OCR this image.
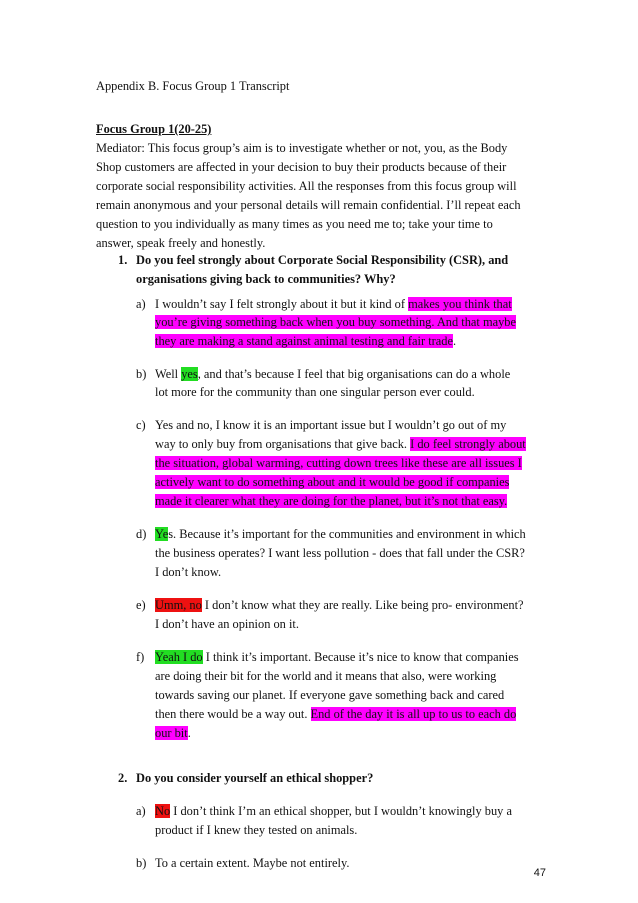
Appendix B. Focus Group 1 Transcript
Focus Group 1(20-25)
Mediator: This focus group’s aim is to investigate whether or not, you, as the Body
Shop customers are affected in your decision to buy their products because of their
corporate social responsibility activities. All the responses from this focus group will
remain anonymous and your personal details will remain confidential. I’ll repeat each
question to you individually as many times as you need me to; take your time to
answer, speak freely and honestly.
1. Do you feel strongly about Corporate Social Responsibility (CSR), and
organisations giving back to communities? Why?
a) I wouldn’t say I felt strongly about it but it kind of makes you think that
you’re giving something back when you buy something. And that maybe
they are making a stand against animal testing and fair trade.
b) Well yes, and that’s because I feel that big organisations can do a whole
lot more for the community than one singular person ever could.
c) Yes and no, I know it is an important issue but I wouldn’t go out of my
way to only buy from organisations that give back. I do feel strongly about
the situation, global warming, cutting down trees like these are all issues I
actively want to do something about and it would be good if companies
made it clearer what they are doing for the planet, but it’s not that easy.
d) Yes. Because it’s important for the communities and environment in which
the business operates? I want less pollution - does that fall under the CSR?
I don’t know.
e) Umm, no I don’t know what they are really. Like being pro- environment?
I don’t have an opinion on it.
f) Yeah I do I think it’s important. Because it’s nice to know that companies
are doing their bit for the world and it means that also, were working
towards saving our planet. If everyone gave something back and cared
then there would be a way out. End of the day it is all up to us to each do
our bit.
2. Do you consider yourself an ethical shopper?
a) No I don’t think I’m an ethical shopper, but I wouldn’t knowingly buy a
product if I knew they tested on animals.
b) To a certain extent. Maybe not entirely.
47
